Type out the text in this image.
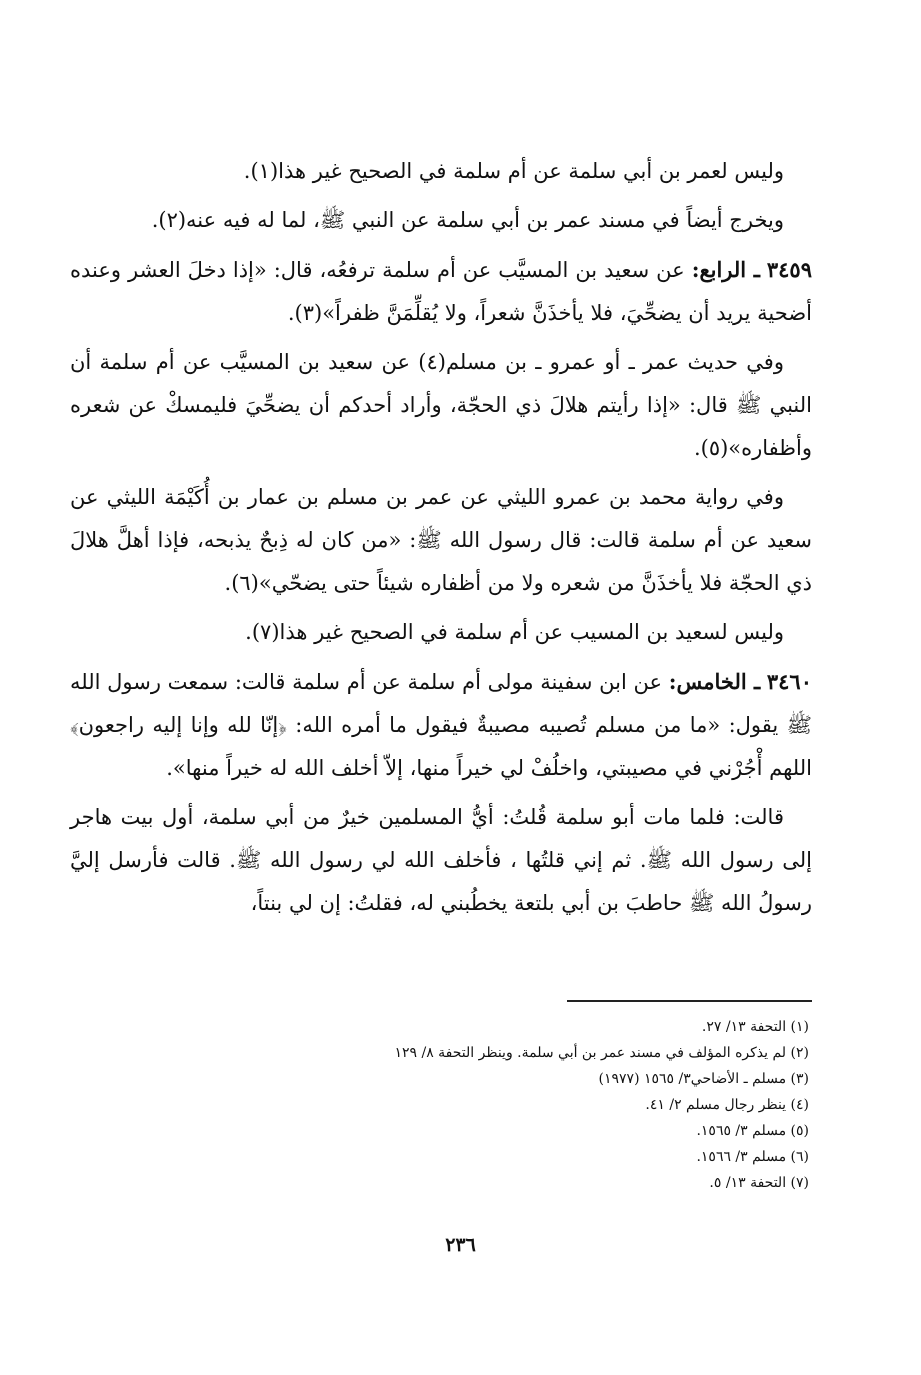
وليس لعمر بن أبي سلمة عن أم سلمة في الصحيح غير هذا(١).

ويخرج أيضاً في مسند عمر بن أبي سلمة عن النبي ﷺ، لما له فيه عنه(٢).

٣٤٥٩ ـ الرابع: عن سعيد بن المسيَّب عن أم سلمة ترفعُه، قال: «إذا دخلَ العشر وعنده أضحية يريد أن يضحِّيَ، فلا يأخذَنَّ شعراً، ولا يُقلِّمَنَّ ظفراً»(٣).

وفي حديث عمر ـ أو عمرو ـ بن مسلم(٤) عن سعيد بن المسيَّب عن أم سلمة أن النبي ﷺ قال: «إذا رأيتم هلالَ ذي الحجّة، وأراد أحدكم أن يضحِّيَ فليمسكْ عن شعره وأظفاره»(٥).

وفي رواية محمد بن عمرو الليثي عن عمر بن مسلم بن عمار بن أُكَيْمَة الليثي عن سعيد عن أم سلمة قالت: قال رسول الله ﷺ: «من كان له ذِبحٌ يذبحه، فإذا أهلَّ هلالَ ذي الحجّة فلا يأخذَنَّ من شعره ولا من أظفاره شيئاً حتى يضحّي»(٦).

وليس لسعيد بن المسيب عن أم سلمة في الصحيح غير هذا(٧).

٣٤٦٠ ـ الخامس: عن ابن سفينة مولى أم سلمة عن أم سلمة قالت: سمعت رسول الله ﷺ يقول: «ما من مسلم تُصيبه مصيبةٌ فيقول ما أمره الله: ﴿إنّا لله وإنا إليه راجعون﴾ اللهم أْجُرْني في مصيبتي، واخلُفْ لي خيراً منها، إلاّ أخلف الله له خيراً منها».

قالت: فلما مات أبو سلمة قُلتُ: أيُّ المسلمين خيرٌ من أبي سلمة، أول بيت هاجر إلى رسول الله ﷺ. ثم إني قلتُها ، فأخلف الله لي رسول الله ﷺ. قالت فأرسل إليَّ رسولُ الله ﷺ حاطبَ بن أبي بلتعة يخطُبني له، فقلتُ: إن لي بنتاً،

(١) التحفة ١٣/ ٢٧.

(٢) لم يذكره المؤلف في مسند عمر بن أبي سلمة. وينظر التحفة ٨/ ١٢٩

(٣) مسلم ـ الأضاحي٣/ ١٥٦٥ (١٩٧٧)

(٤) ينظر رجال مسلم ٢/ ٤١.

(٥) مسلم ٣/ ١٥٦٥.

(٦) مسلم ٣/ ١٥٦٦.

(٧) التحفة ١٣/ ٥.

٢٣٦
